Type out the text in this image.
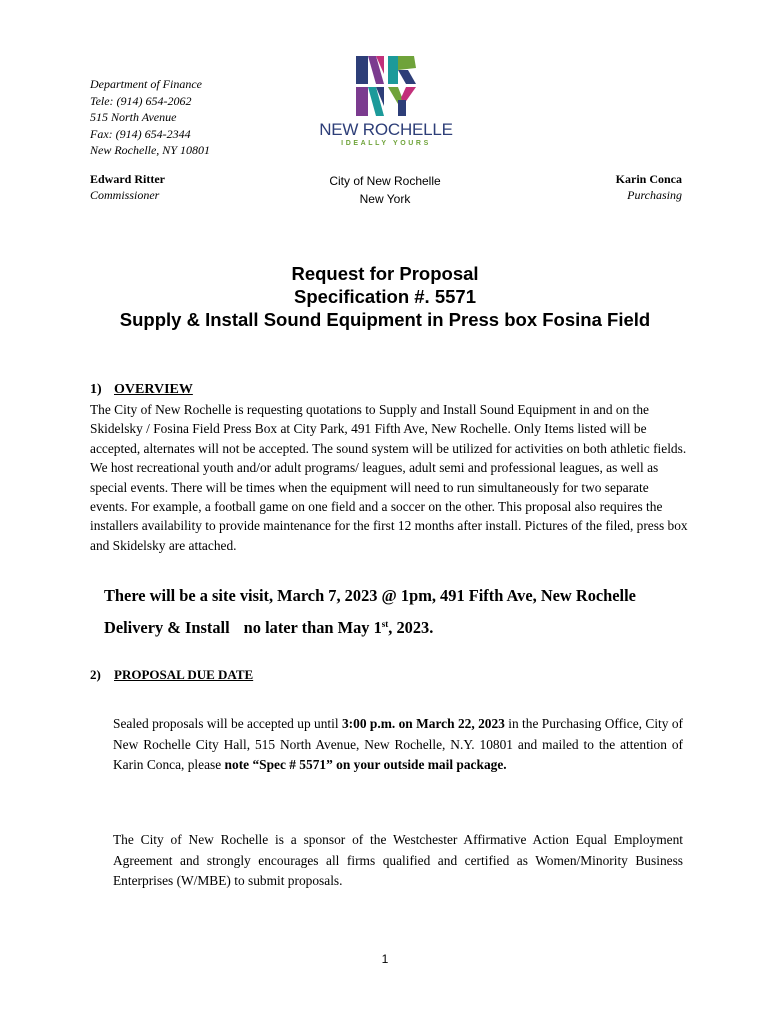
Department of Finance
Tele: (914) 654-2062
515 North Avenue
Fax: (914) 654-2344
New Rochelle, NY 10801
NEW ROCHELLE
IDEALLY YOURS
Edward Ritter
Commissioner
City of New Rochelle
New York
Karin Conca
Purchasing
Request for Proposal
Specification #. 5571
Supply & Install Sound Equipment in Press box Fosina Field
1) OVERVIEW
The City of New Rochelle is requesting quotations to Supply and Install Sound Equipment in and on the Skidelsky / Fosina Field Press Box at City Park, 491 Fifth Ave, New Rochelle. Only Items listed will be accepted, alternates will not be accepted. The sound system will be utilized for activities on both athletic fields. We host recreational youth and/or adult programs/ leagues, adult semi and professional leagues, as well as special events. There will be times when the equipment will need to run simultaneously for two separate events. For example, a football game on one field and a soccer on the other. This proposal also requires the installers availability to provide maintenance for the first 12 months after install. Pictures of the filed, press box and Skidelsky are attached.
There will be a site visit, March 7, 2023 @ 1pm, 491 Fifth Ave, New Rochelle
Delivery & Install no later than May 1st, 2023.
2) PROPOSAL DUE DATE
Sealed proposals will be accepted up until 3:00 p.m. on March 22, 2023 in the Purchasing Office, City of New Rochelle City Hall, 515 North Avenue, New Rochelle, N.Y. 10801 and mailed to the attention of Karin Conca, please note “Spec # 5571” on your outside mail package.
The City of New Rochelle is a sponsor of the Westchester Affirmative Action Equal Employment Agreement and strongly encourages all firms qualified and certified as Women/Minority Business Enterprises (W/MBE) to submit proposals.
1
